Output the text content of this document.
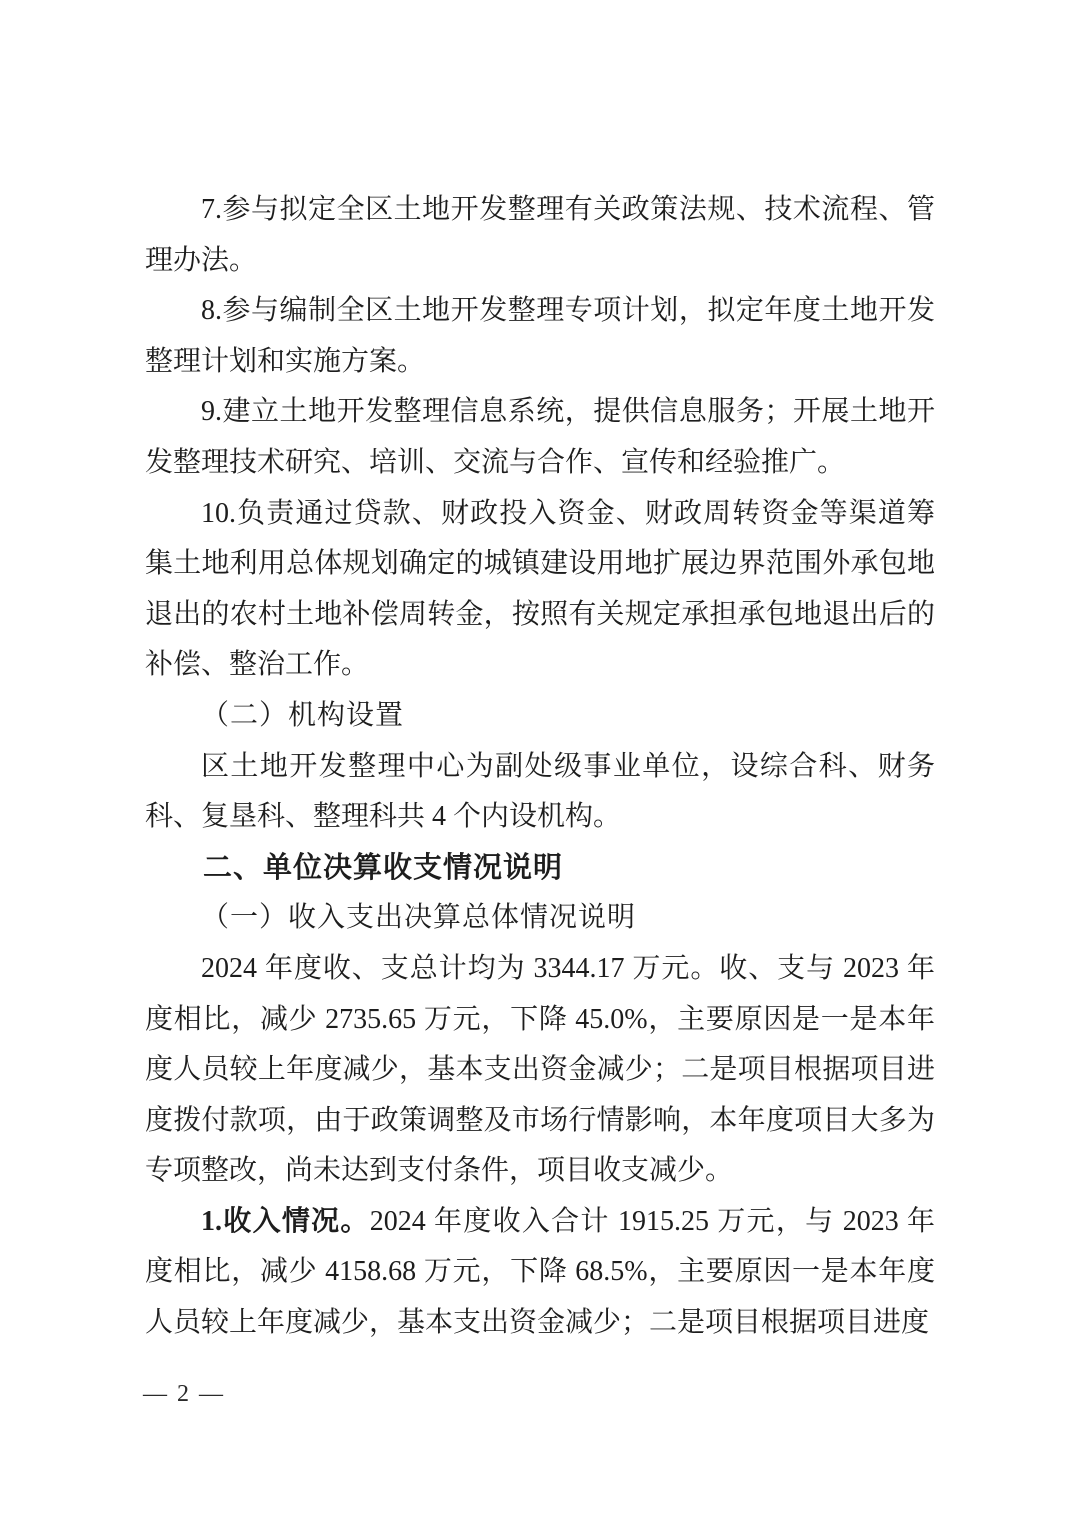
7.参与拟定全区土地开发整理有关政策法规、技术流程、管理办法。

8.参与编制全区土地开发整理专项计划，拟定年度土地开发整理计划和实施方案。

9.建立土地开发整理信息系统，提供信息服务；开展土地开发整理技术研究、培训、交流与合作、宣传和经验推广。

10.负责通过贷款、财政投入资金、财政周转资金等渠道筹集土地利用总体规划确定的城镇建设用地扩展边界范围外承包地退出的农村土地补偿周转金，按照有关规定承担承包地退出后的补偿、整治工作。

（二）机构设置

区土地开发整理中心为副处级事业单位，设综合科、财务科、复垦科、整理科共 4 个内设机构。

二、单位决算收支情况说明

（一）收入支出决算总体情况说明

2024 年度收、支总计均为 3344.17 万元。收、支与 2023 年度相比，减少 2735.65 万元，下降 45.0%，主要原因是一是本年度人员较上年度减少，基本支出资金减少；二是项目根据项目进度拨付款项，由于政策调整及市场行情影响，本年度项目大多为专项整改，尚未达到支付条件，项目收支减少。

1.收入情况。2024 年度收入合计 1915.25 万元，与 2023 年度相比，减少 4158.68 万元，下降 68.5%，主要原因一是本年度人员较上年度减少，基本支出资金减少；二是项目根据项目进度

— 2 —
